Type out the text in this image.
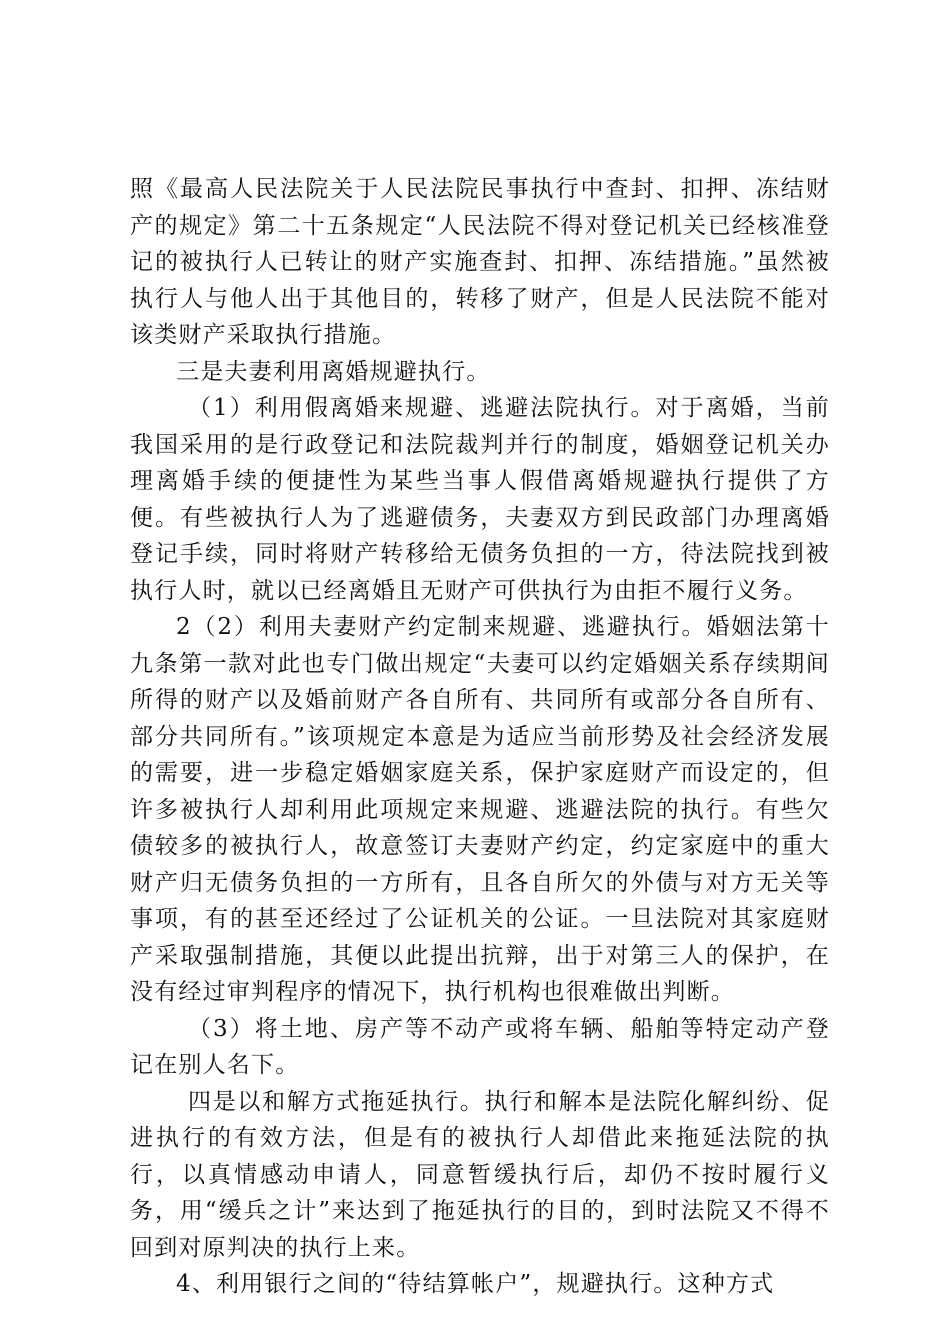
照《最高人民法院关于人民法院民事执行中查封、扣押、冻结财产的规定》第二十五条规定“人民法院不得对登记机关已经核准登记的被执行人已转让的财产实施查封、扣押、冻结措施。”虽然被执行人与他人出于其他目的，转移了财产，但是人民法院不能对该类财产采取执行措施。

三是夫妻利用离婚规避执行。

（1）利用假离婚来规避、逃避法院执行。对于离婚，当前我国采用的是行政登记和法院裁判并行的制度，婚姻登记机关办理离婚手续的便捷性为某些当事人假借离婚规避执行提供了方便。有些被执行人为了逃避债务，夫妻双方到民政部门办理离婚登记手续，同时将财产转移给无债务负担的一方，待法院找到被执行人时，就以已经离婚且无财产可供执行为由拒不履行义务。

2（2）利用夫妻财产约定制来规避、逃避执行。婚姻法第十九条第一款对此也专门做出规定“夫妻可以约定婚姻关系存续期间所得的财产以及婚前财产各自所有、共同所有或部分各自所有、部分共同所有。”该项规定本意是为适应当前形势及社会经济发展的需要，进一步稳定婚姻家庭关系，保护家庭财产而设定的，但许多被执行人却利用此项规定来规避、逃避法院的执行。有些欠债较多的被执行人，故意签订夫妻财产约定，约定家庭中的重大财产归无债务负担的一方所有，且各自所欠的外债与对方无关等事项，有的甚至还经过了公证机关的公证。一旦法院对其家庭财产采取强制措施，其便以此提出抗辩，出于对第三人的保护，在没有经过审判程序的情况下，执行机构也很难做出判断。

（3）将土地、房产等不动产或将车辆、船舶等特定动产登记在别人名下。

四是以和解方式拖延执行。执行和解本是法院化解纠纷、促进执行的有效方法，但是有的被执行人却借此来拖延法院的执行，以真情感动申请人，同意暂缓执行后，却仍不按时履行义务，用“缓兵之计”来达到了拖延执行的目的，到时法院又不得不回到对原判决的执行上来。

4、利用银行之间的“待结算帐户”，规避执行。这种方式
